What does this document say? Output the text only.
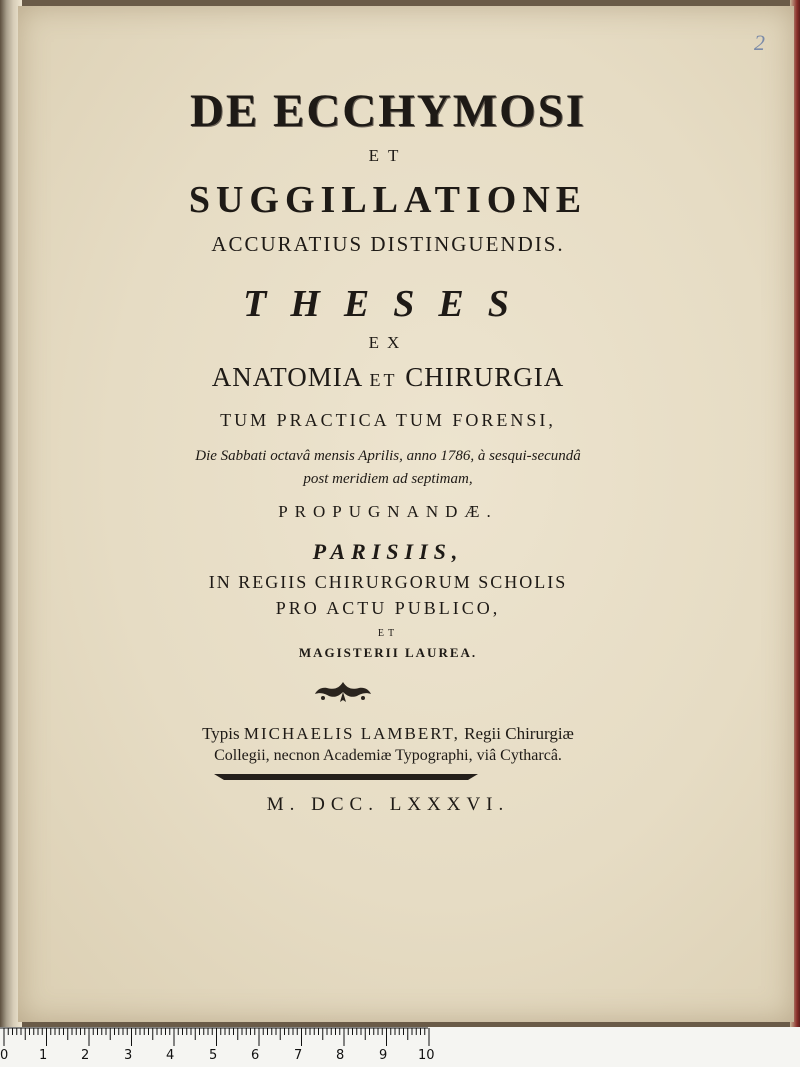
2
DE ECCHYMOSI
ET
SUGGILLATIONE
ACCURATIUS DISTINGUENDIS.
THESES
EX
ANATOMIA ET CHIRURGIA
TUM PRACTICA TUM FORENSI,
Die Sabbati octavâ mensis Aprilis, anno 1786, à sesqui-secundâ
post meridiem ad septimam,
PROPUGNANDÆ.
PARISIIS,
IN REGIIS CHIRURGORUM SCHOLIS
PRO ACTU PUBLICO,
ET
MAGISTERII LAUREA.
Typis MICHAELIS LAMBERT, Regii Chirurgiæ
Collegii, necnon Academiæ Typographi, viâ Cytharcâ.
M. DCC. LXXXVI.
0 1	2	3	4	5	6	7	8	9 10
